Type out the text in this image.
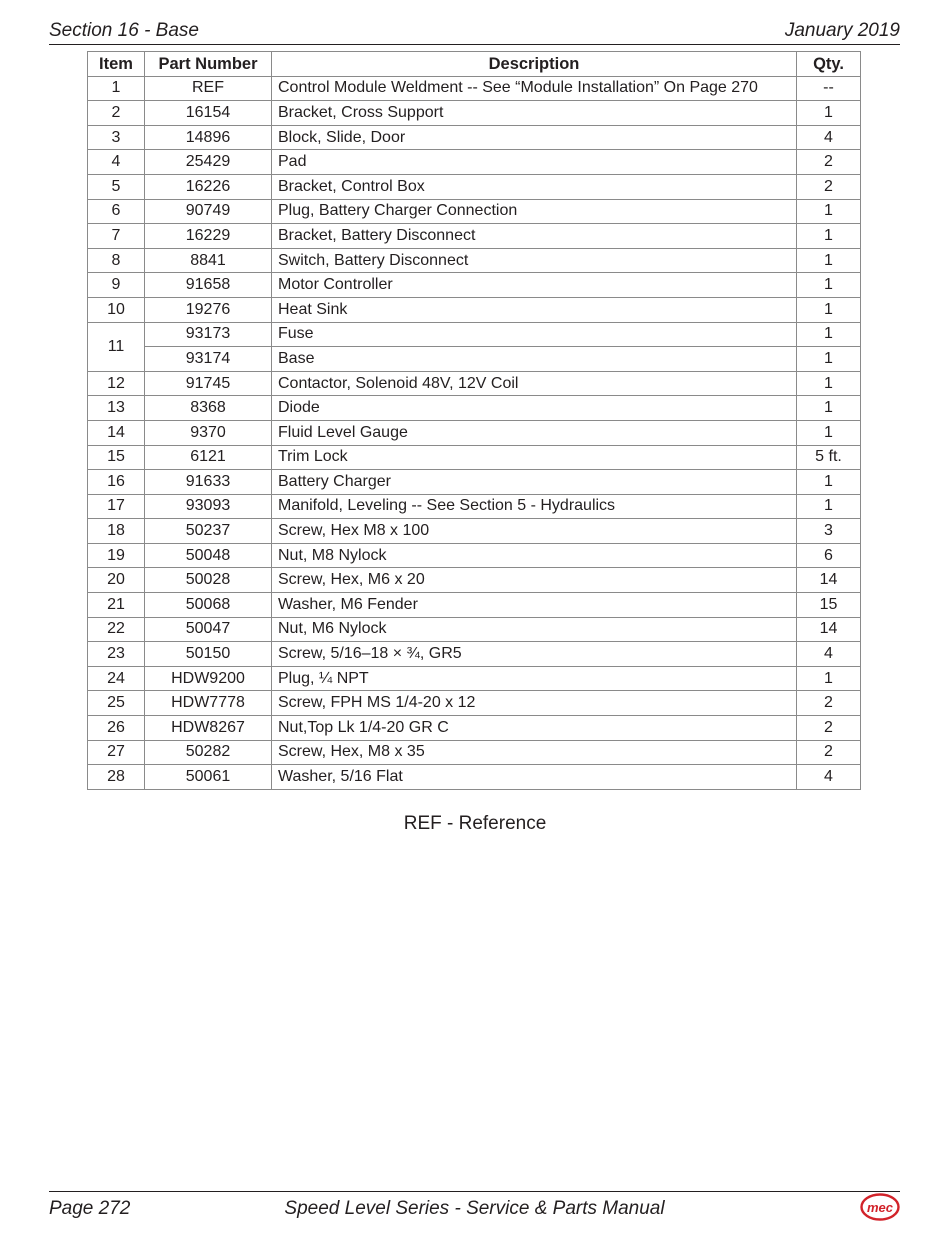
Section 16 - Base	January 2019
Item	Part Number	Description	Qty.
1	REF	Control Module Weldment -- See “Module Installation” On Page 270	--
2	16154	Bracket, Cross Support	1
3	14896	Block, Slide, Door	4
4	25429	Pad	2
5	16226	Bracket, Control Box	2
6	90749	Plug, Battery Charger Connection	1
7	16229	Bracket, Battery Disconnect	1
8	8841	Switch, Battery Disconnect	1
9	91658	Motor Controller	1
10	19276	Heat Sink	1
11	93173	Fuse	1
	93174	Base	1
12	91745	Contactor, Solenoid 48V, 12V Coil	1
13	8368	Diode	1
14	9370	Fluid Level Gauge	1
15	6121	Trim Lock	5 ft.
16	91633	Battery Charger	1
17	93093	Manifold, Leveling -- See Section 5 - Hydraulics	1
18	50237	Screw, Hex M8 x 100	3
19	50048	Nut, M8 Nylock	6
20	50028	Screw, Hex, M6 x 20	14
21	50068	Washer, M6 Fender	15
22	50047	Nut, M6 Nylock	14
23	50150	Screw, 5/16–18 × ¾, GR5	4
24	HDW9200	Plug, ¼ NPT	1
25	HDW7778	Screw, FPH MS 1/4-20 x 12	2
26	HDW8267	Nut,Top Lk 1/4-20 GR C	2
27	50282	Screw, Hex, M8 x 35	2
28	50061	Washer, 5/16 Flat	4
REF - Reference
Page 272	Speed Level Series - Service & Parts Manual	mec
